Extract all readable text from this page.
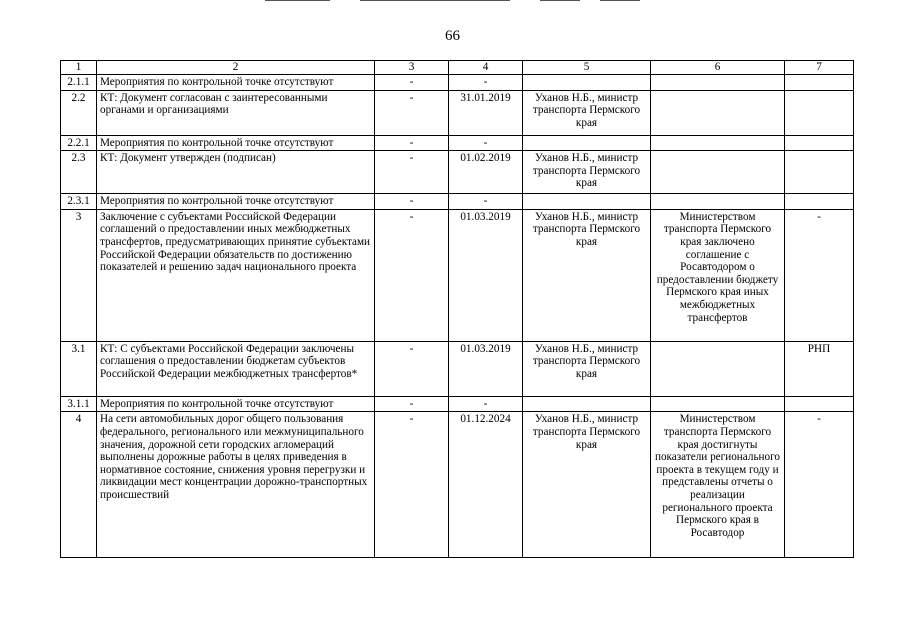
66
1	2	3	4	5	6	7
2.1.1	Мероприятия по контрольной точке отсутствуют	-	-			
2.2	КТ: Документ согласован с заинтересованными органами и организациями	-	31.01.2019	Уханов Н.Б., министр транспорта Пермского края		
2.2.1	Мероприятия по контрольной точке отсутствуют	-	-			
2.3	КТ: Документ утвержден (подписан)	-	01.02.2019	Уханов Н.Б., министр транспорта Пермского края		
2.3.1	Мероприятия по контрольной точке отсутствуют	-	-			
3	Заключение с субъектами Российской Федерации соглашений о предоставлении иных межбюджетных трансфертов, предусматривающих принятие субъектами Российской Федерации обязательств по достижению показателей и решению задач национального проекта	-	01.03.2019	Уханов Н.Б., министр транспорта Пермского края	Министерством транспорта Пермского края заключено соглашение с Росавтодором о предоставлении бюджету Пермского края иных межбюджетных трансфертов	-
3.1	КТ: С субъектами Российской Федерации заключены соглашения о предоставлении бюджетам субъектов Российской Федерации межбюджетных трансфертов*	-	01.03.2019	Уханов Н.Б., министр транспорта Пермского края		РНП
3.1.1	Мероприятия по контрольной точке отсутствуют	-	-			
4	На сети автомобильных дорог общего пользования федерального, регионального или межмуниципального значения, дорожной сети городских агломераций выполнены дорожные работы в целях приведения в нормативное состояние, снижения уровня перегрузки и ликвидации мест концентрации дорожно-транспортных происшествий	-	01.12.2024	Уханов Н.Б., министр транспорта Пермского края	Министерством транспорта Пермского края достигнуты показатели регионального проекта в текущем году и представлены отчеты о реализации регионального проекта Пермского края в Росавтодор	-
